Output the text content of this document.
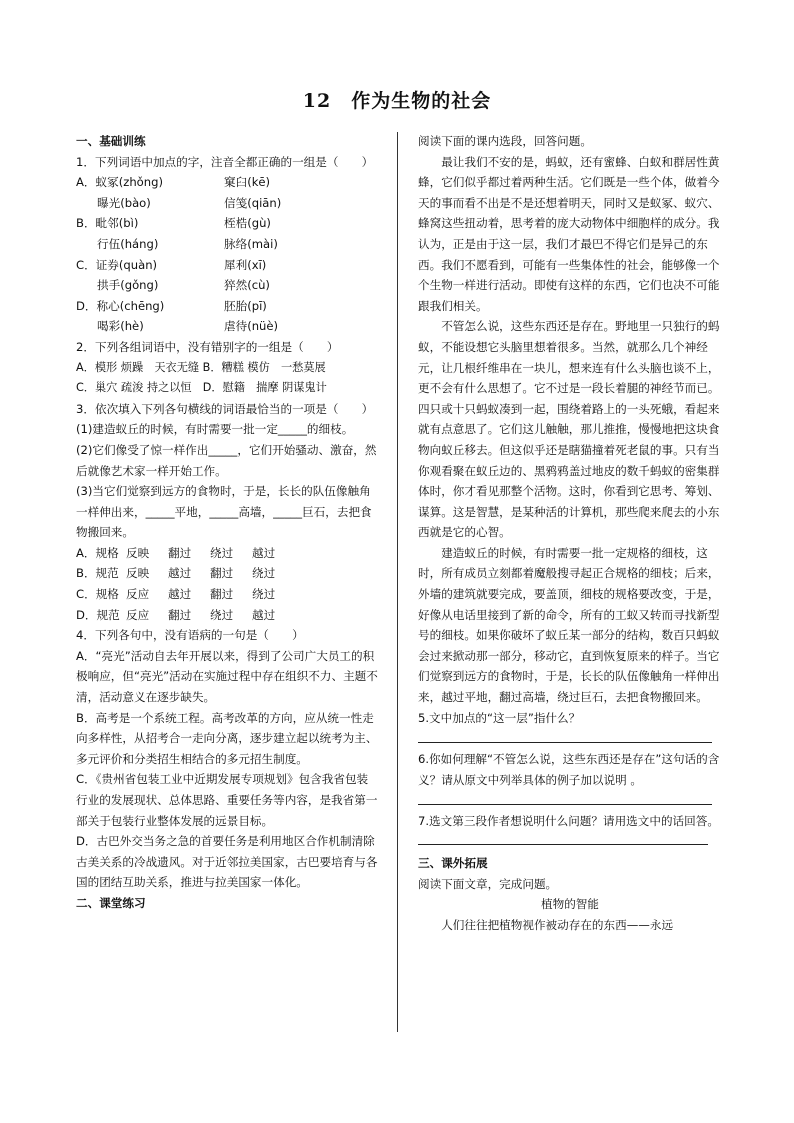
12　作为生物的社会

一、基础训练

1．下列词语中加点的字，注音全都正确的一组是（　　）

A．蚁冢(zhǒng)	窠臼(kē)
曝光(bào)	信笺(qiān)
B．毗邻(bì)	桎梏(gù)
行伍(háng)	脉络(mài)
C．证券(quàn)	犀利(xī)
拱手(gǒng)	猝然(cù)
D．称心(chēng)	胚胎(pī)
喝彩(hè)	虐待(nüè)

2．下列各组词语中，没有错别字的一组是（　　）

A．模形 烦躁　天衣无缝 B．糟糕 模仿　一愁莫展

C．巢穴 疏浚 持之以恒　D．慰籍　揣摩 阴谋鬼计

3．依次填入下列各句横线的词语最恰当的一项是（　　）

(1)建造蚁丘的时候，有时需要一批一定_____的细枝。

(2)它们像受了惊一样作出_____，它们开始骚动、激奋，然后就像艺术家一样开始工作。

(3)当它们觉察到远方的食物时，于是，长长的队伍像触角一样伸出来，_____平地，_____高墙，_____巨石，去把食物搬回来。

A．规格 反映	翻过	绕过	越过
B．规范 反映	越过	翻过	绕过
C．规格 反应	越过	翻过	绕过
D．规范 反应	翻过	绕过	越过

4．下列各句中，没有语病的一句是（　　）

A．“亮光”活动自去年开展以来，得到了公司广大员工的积极响应，但“亮光”活动在实施过程中存在组织不力、主题不清，活动意义在逐步缺失。

B．高考是一个系统工程。高考改革的方向，应从统一性走向多样性，从招考合一走向分离，逐步建立起以统考为主、多元评价和分类招生相结合的多元招生制度。

C．《贵州省包装工业中近期发展专项规划》包含我省包装行业的发展现状、总体思路、重要任务等内容，是我省第一部关于包装行业整体发展的远景目标。

D．古巴外交当务之急的首要任务是利用地区合作机制清除古美关系的冷战遗风。对于近邻拉美国家，古巴要培育与各国的团结互助关系，推进与拉美国家一体化。

二、课堂练习

阅读下面的课内选段，回答问题。

最让我们不安的是，蚂蚁，还有蜜蜂、白蚁和群居性黄蜂，它们似乎都过着两种生活。它们既是一些个体，做着今天的事而看不出是不是还想着明天，同时又是蚁冢、蚁穴、蜂窝这些扭动着，思考着的庞大动物体中细胞样的成分。我认为，正是由于这一层，我们才最巴不得它们是异己的东西。我们不愿看到，可能有一些集体性的社会，能够像一个个生物一样进行活动。即使有这样的东西，它们也决不可能跟我们相关。

不管怎么说，这些东西还是存在。野地里一只独行的蚂蚁，不能设想它头脑里想着很多。当然，就那么几个神经元，让几根纤维串在一块儿，想来连有什么头脑也谈不上，更不会有什么思想了。它不过是一段长着腿的神经节而已。四只或十只蚂蚁凑到一起，围绕着路上的一头死蛾，看起来就有点意思了。它们这儿触触，那儿推推，慢慢地把这块食物向蚁丘移去。但这似乎还是瞎猫撞着死老鼠的事。只有当你观看聚在蚁丘边的、黑鸦鸦盖过地皮的数千蚂蚁的密集群体时，你才看见那整个活物。这时，你看到它思考、筹划、谋算。这是智慧，是某种活的计算机，那些爬来爬去的小东西就是它的心智。

建造蚁丘的时候，有时需要一批一定规格的细枝，这时，所有成员立刻都着魔般搜寻起正合规格的细枝；后来，外墙的建筑就要完成，要盖顶，细枝的规格要改变，于是，好像从电话里接到了新的命令，所有的工蚁又转而寻找新型号的细枝。如果你破坏了蚁丘某一部分的结构，数百只蚂蚁会过来掀动那一部分，移动它，直到恢复原来的样子。当它们觉察到远方的食物时，于是，长长的队伍像触角一样伸出来，越过平地，翻过高墙，绕过巨石，去把食物搬回来。

5.文中加点的“这一层”指什么？

6.你如何理解“不管怎么说，这些东西还是存在”这句话的含义？请从原文中列举具体的例子加以说明 。

7.选文第三段作者想说明什么问题？请用选文中的话回答。

三、课外拓展

阅读下面文章，完成问题。

植物的智能

人们往往把植物视作被动存在的东西——永远
